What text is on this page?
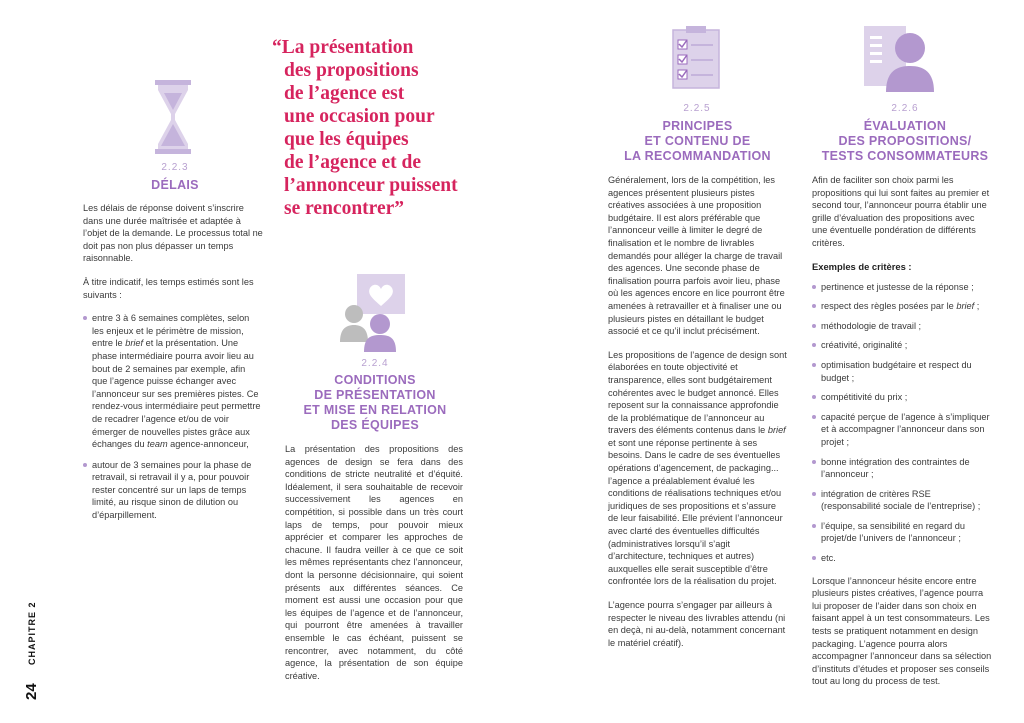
“La présentation
des propositions
de l’agence est
une occasion pour
que les équipes
de l’agence et de
l’annonceur puissent
se rencontrer”
2.2.3
DÉLAIS

Les délais de réponse doivent s’inscrire dans une durée maîtrisée et adaptée à l’objet de la demande. Le processus total ne doit pas non plus dépasser un temps raisonnable.

À titre indicatif, les temps estimés sont les suivants :

entre 3 à 6 semaines complètes, selon les enjeux et le périmètre de mission, entre le brief et la présentation. Une phase intermédiaire pourra avoir lieu au bout de 2 semaines par exemple, afin que l’agence puisse échanger avec l’annonceur sur ses premières pistes. Ce rendez-vous intermédiaire peut permettre de recadrer l’agence et/ou de voir émerger de nouvelles pistes grâce aux échanges du team agence-annonceur,
autour de 3 semaines pour la phase de retravail, si retravail il y a, pour pouvoir rester concentré sur un laps de temps limité, au risque sinon de dilution ou d’éparpillement.
2.2.4
CONDITIONS
DE PRÉSENTATION
ET MISE EN RELATION
DES ÉQUIPES

La présentation des propositions des agences de design se fera dans des conditions de stricte neutralité et d’équité. Idéalement, il sera souhaitable de recevoir successivement les agences en compétition, si possible dans un très court laps de temps, pour pouvoir mieux apprécier et comparer les approches de chacune. Il faudra veiller à ce que ce soit les mêmes représentants chez l’annonceur, dont la personne décisionnaire, qui soient présents aux différentes séances. Ce moment est aussi une occasion pour que les équipes de l’agence et de l’annonceur, qui pourront être amenées à travailler ensemble le cas échéant, puissent se rencontrer, avec notamment, du côté agence, la présentation de son équipe créative.

2.2.5
PRINCIPES
ET CONTENU DE
LA RECOMMANDATION

Généralement, lors de la compétition, les agences présentent plusieurs pistes créatives associées à une proposition budgétaire. Il est alors préférable que l’annonceur veille à limiter le degré de finalisation et le nombre de livrables demandés pour alléger la charge de travail des agences. Une seconde phase de finalisation pourra parfois avoir lieu, phase où les agences encore en lice pourront être amenées à retravailler et à finaliser une ou plusieurs pistes en détaillant le budget associé et ce qu’il inclut précisément.

Les propositions de l’agence de design sont élaborées en toute objectivité et transparence, elles sont budgétairement cohérentes avec le budget annoncé. Elles reposent sur la connaissance approfondie de la problématique de l’annonceur au travers des éléments contenus dans le brief et sont une réponse pertinente à ses besoins. Dans le cadre de ses éventuelles opérations d’agencement, de packaging... l’agence a préalablement évalué les conditions de réalisations techniques et/ou juridiques de ses propositions et s’assure de leur faisabilité. Elle prévient l’annonceur avec clarté des éventuelles difficultés (administratives lorsqu’il s’agit d’architecture, techniques et autres) auxquelles elle serait susceptible d’être confrontée lors de la réalisation du projet.

L’agence pourra s’engager par ailleurs à respecter le niveau des livrables attendu (ni en deçà, ni au-delà, notamment concernant le matériel créatif).

2.2.6
ÉVALUATION
DES PROPOSITIONS/
TESTS CONSOMMATEURS

Afin de faciliter son choix parmi les propositions qui lui sont faites au premier et second tour, l’annonceur pourra établir une grille d’évaluation des propositions avec une éventuelle pondération de différents critères.

Exemples de critères :

pertinence et justesse de la réponse ;
respect des règles posées par le brief ;
méthodologie de travail ;
créativité, originalité ;
optimisation budgétaire et respect du budget ;
compétitivité du prix ;
capacité perçue de l’agence à s’impliquer et à accompagner l’annonceur dans son projet ;
bonne intégration des contraintes de l’annonceur ;
intégration de critères RSE (responsabilité sociale de l’entreprise) ;
l’équipe, sa sensibilité en regard du projet/de l’univers de l’annonceur ;
etc.

Lorsque l’annonceur hésite encore entre plusieurs pistes créatives, l’agence pourra lui proposer de l’aider dans son choix en faisant appel à un test consommateurs. Les tests se pratiquent notamment en design packaging. L’agence pourra alors accompagner l’annonceur dans sa sélection d’instituts d’études et proposer ses conseils tout au long du process de test.

CHAPITRE 2
24
